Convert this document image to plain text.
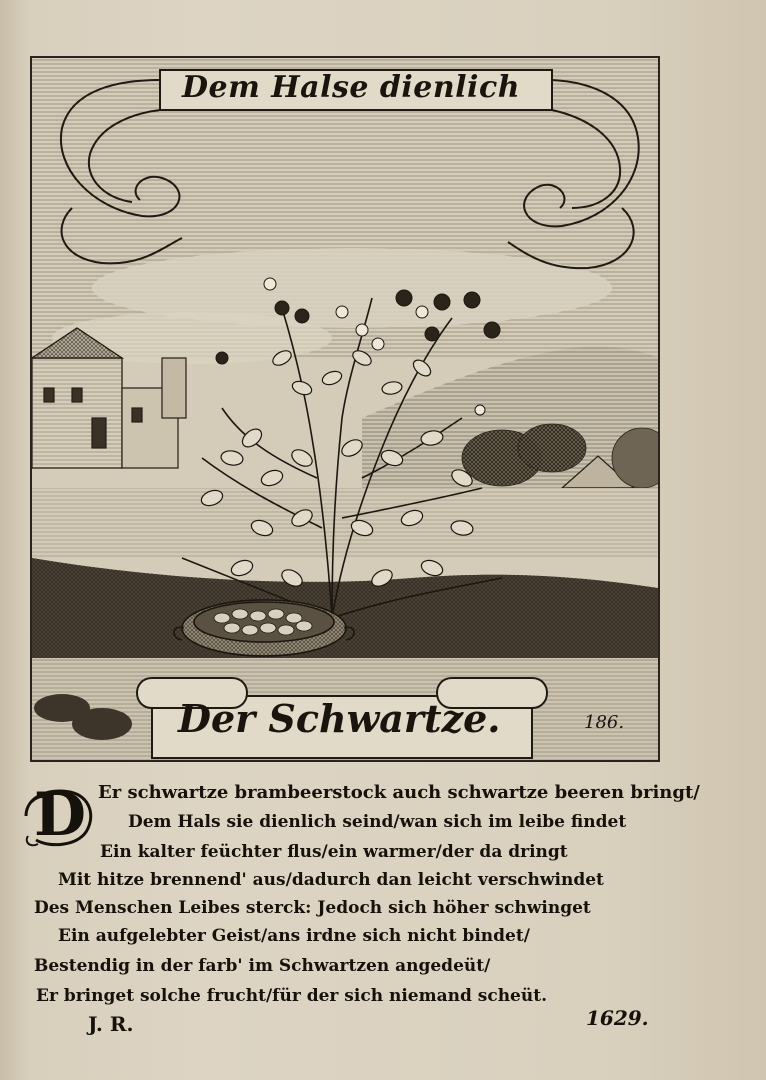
Dem Halse dienlich
Der Schwartze.	186.
D Er schwartze brambeerstock auch schwartze beeren bringt/
Dem Hals sie dienlich seind/wan sich im leibe findet
Ein kalter feüchter flus/ein warmer/der da dringt
Mit hitze brennend' aus/dadurch dan leicht verschwindet
Des Menschen Leibes sterck: Jedoch sich höher schwinget
Ein aufgelebter Geist/ans irdne sich nicht bindet/
Bestendig in der farb' im Schwartzen angedeüt/
Er bringet solche frucht/für der sich niemand scheüt.
J. R.	1629.
